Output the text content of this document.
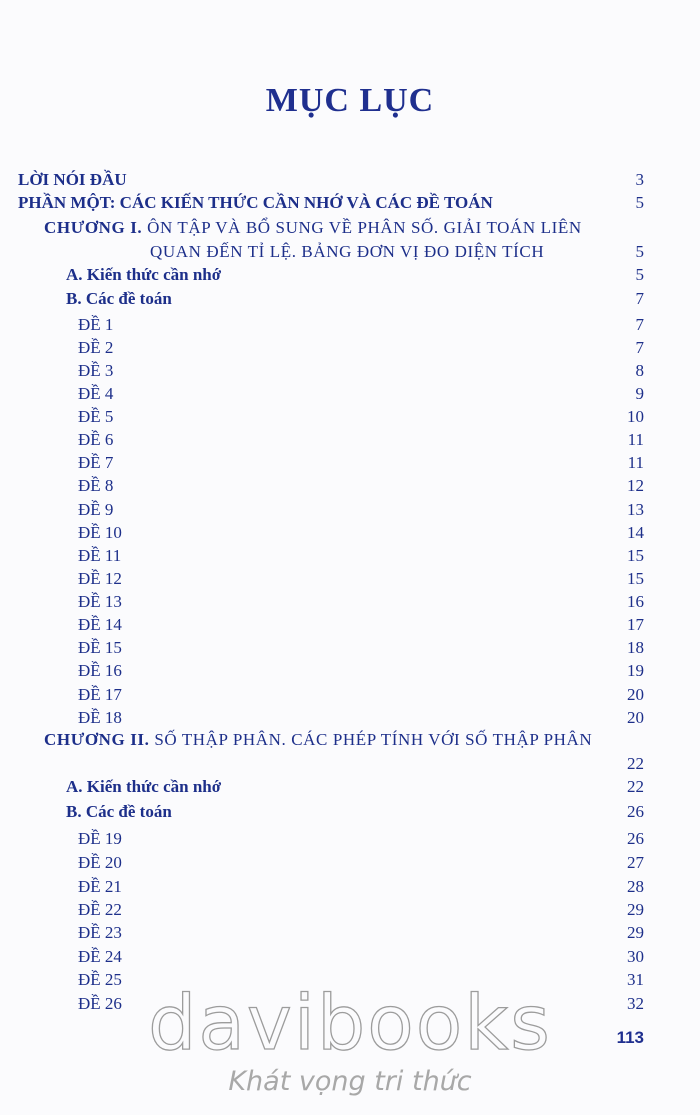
MỤC LỤC
LỜI NÓI ĐẦU	3
PHẦN MỘT: CÁC KIẾN THỨC CẦN NHỚ VÀ CÁC ĐỀ TOÁN	5
CHƯƠNG I. ÔN TẬP VÀ BỔ SUNG VỀ PHÂN SỐ. GIẢI TOÁN LIÊN
QUAN ĐẾN TỈ LỆ. BẢNG ĐƠN VỊ ĐO DIỆN TÍCH	5
A. Kiến thức cần nhớ	5
B. Các đề toán	7
ĐỀ 1	7
ĐỀ 2	7
ĐỀ 3	8
ĐỀ 4	9
ĐỀ 5	10
ĐỀ 6	11
ĐỀ 7	11
ĐỀ 8	12
ĐỀ 9	13
ĐỀ 10	14
ĐỀ 11	15
ĐỀ 12	15
ĐỀ 13	16
ĐỀ 14	17
ĐỀ 15	18
ĐỀ 16	19
ĐỀ 17	20
ĐỀ 18	20
CHƯƠNG II. SỐ THẬP PHÂN. CÁC PHÉP TÍNH VỚI SỐ THẬP PHÂN
22
A. Kiến thức cần nhớ	22
B. Các đề toán	26
ĐỀ 19	26
ĐỀ 20	27
ĐỀ 21	28
ĐỀ 22	29
ĐỀ 23	29
ĐỀ 24	30
ĐỀ 25	31
ĐỀ 26	32
davibooks
Khát vọng tri thức
113
